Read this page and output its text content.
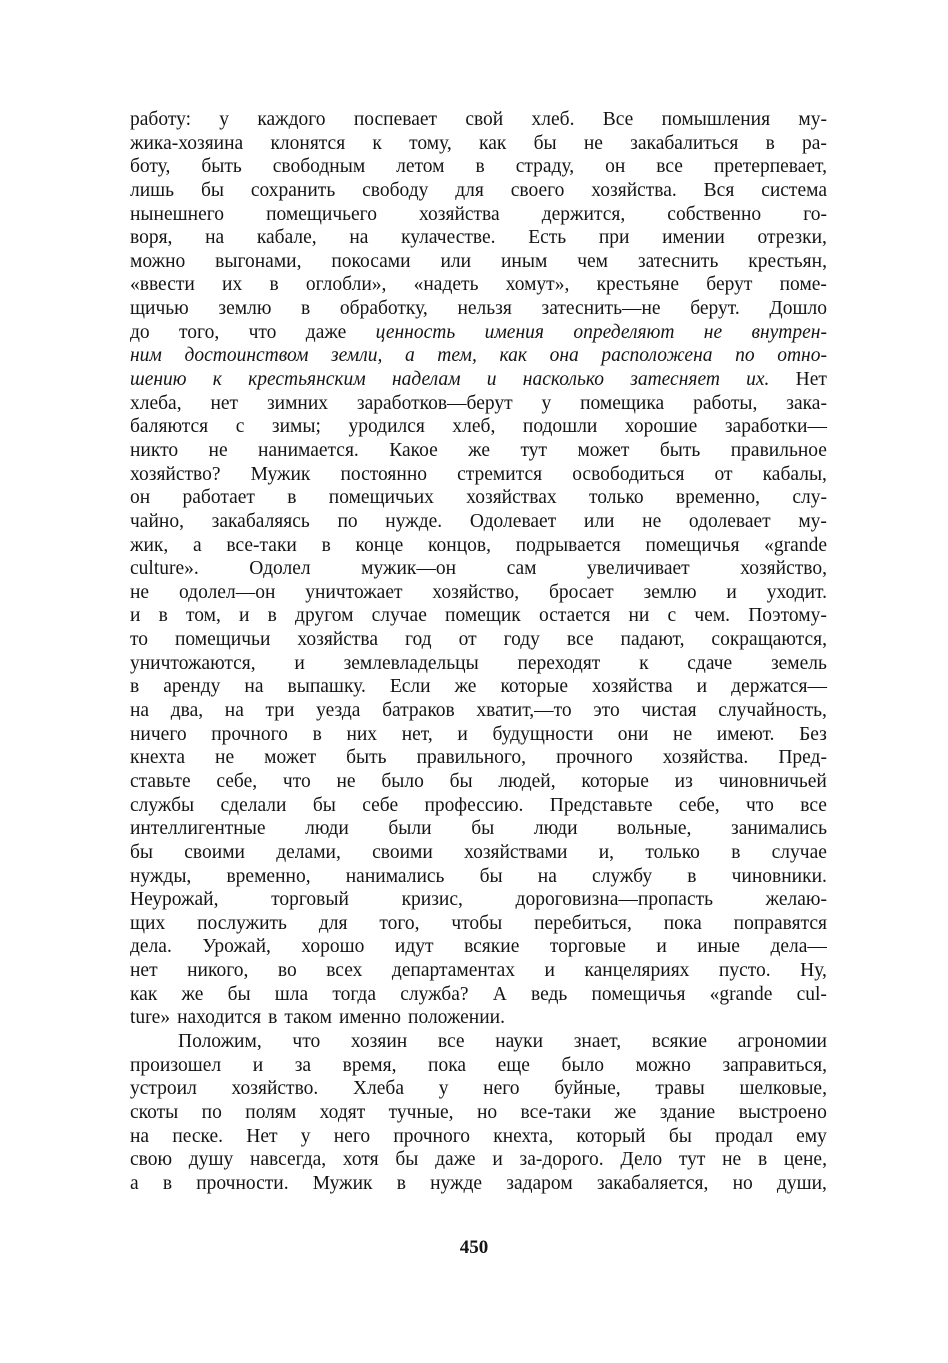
работу: у каждого поспевает свой хлеб. Все помышления му-
жика-хозяина клонятся к тому, как бы не закабалиться в ра-
боту, быть свободным летом в страду, он все претерпевает,
лишь бы сохранить свободу для своего хозяйства. Вся система
нынешнего помещичьего хозяйства держится, собственно го-
воря, на кабале, на кулачестве. Есть при имении отрезки,
можно выгонами, покосами или иным чем затеснить крестьян,
«ввести их в оглобли», «надеть хомут», крестьяне берут поме-
щичью землю в обработку, нельзя затеснить—не берут. Дошло
до того, что даже ценность имения определяют не внутрен-
ним достоинством земли, а тем, как она расположена по отно-
шению к крестьянским наделам и насколько затесняет их. Нет
хлеба, нет зимних заработков—берут у помещика работы, зака-
баляются с зимы; уродился хлеб, подошли хорошие заработки—
никто не нанимается. Какое же тут может быть правильное
хозяйство? Мужик постоянно стремится освободиться от кабалы,
он работает в помещичьих хозяйствах только временно, слу-
чайно, закабаляясь по нужде. Одолевает или не одолевает му-
жик, а все-таки в конце концов, подрывается помещичья «grande
culture».	Одолел	мужик—он	сам	увеличивает	хозяйство,
не одолел—он уничтожает хозяйство, бросает землю и уходит.
и в том, и в другом случае помещик остается ни с чем. Поэтому-
то помещичьи хозяйства год от году все падают, сокращаются,
уничтожаются, и землевладельцы переходят к сдаче земель
в аренду на выпашку. Если же которые хозяйства и держатся—
на два, на три уезда батраков хватит,—то это чистая случайность,
ничего прочного в них нет, и будущности они не имеют. Без
кнехта не может быть правильного, прочного хозяйства. Пред-
ставьте себе, что не было бы людей, которые из чиновничьей
службы сделали бы себе профессию. Представьте себе, что все
интеллигентные люди были бы люди вольные, занимались
бы своими делами, своими хозяйствами и, только в случае
нужды, временно, нанимались бы на службу в чиновники.
Неурожай,	торговый	кризис,	дороговизна—пропасть	желаю-
щих послужить для того, чтобы перебиться, пока поправятся
дела. Урожай, хорошо идут всякие торговые и иные дела—
нет никого, во всех департаментах и канцеляриях пусто. Ну,
как же бы шла тогда служба? А ведь помещичья «grande cul-
ture» находится в таком именно положении.
Положим, что хозяин все науки знает, всякие агрономии
произошел и за время, пока еще было можно заправиться,
устроил хозяйство. Хлеба у него буйные, травы шелковые,
скоты по полям ходят тучные, но все-таки же здание выстроено
на песке. Нет у него прочного кнехта, который бы продал ему
свою душу навсегда, хотя бы даже и за-дорого. Дело тут не в цене,
а в прочности. Мужик в нужде задаром закабаляется, но души,
450
